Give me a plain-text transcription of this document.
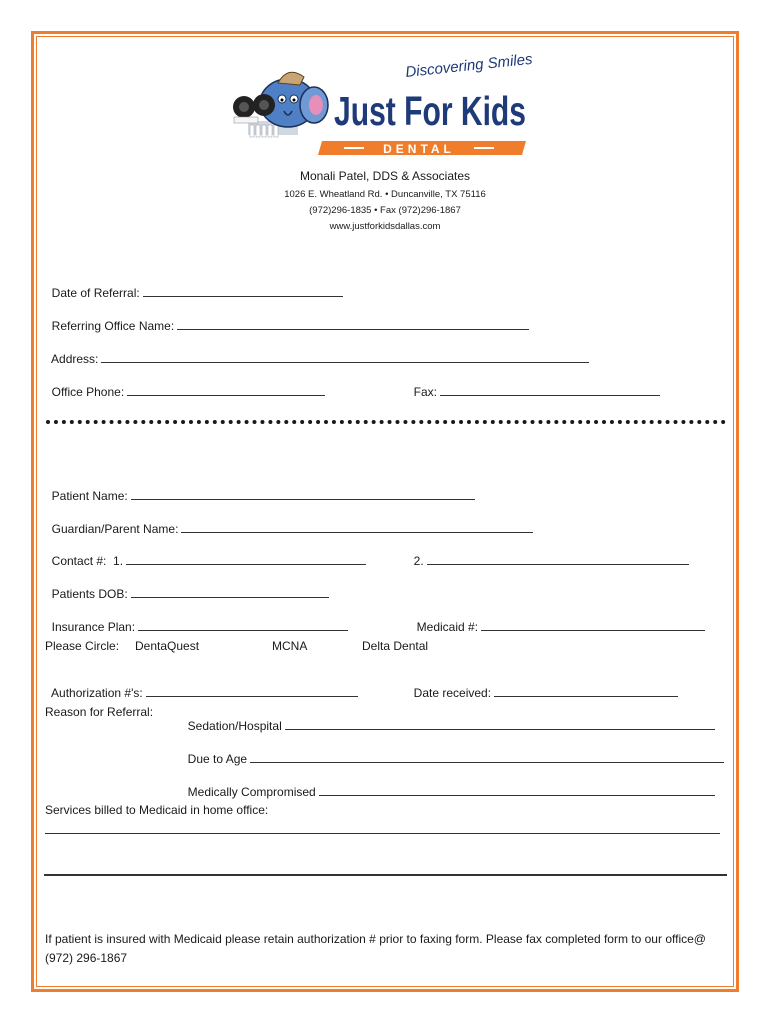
Discovering Smiles
Just For Kids
DENTAL
Monali Patel, DDS & Associates
1026 E. Wheatland Rd. • Duncanville, TX 75116
(972)296-1835 • Fax (972)296-1867
www.justforkidsdallas.com

Date of Referral:

Referring Office Name:

Address:

Office Phone:	Fax:

Patient Name:

Guardian/Parent Name:

Contact #:  1.	2.

Patients DOB:

Insurance Plan:	Medicaid #:

Please Circle: DentaQuest	MCNA	Delta Dental

Authorization #'s:	Date received:

Reason for Referral:

Sedation/Hospital

Due to Age

Medically Compromised

Services billed to Medicaid in home office:
If patient is insured with Medicaid please retain authorization # prior to faxing form. Please fax completed form to our office@ (972) 296-1867
